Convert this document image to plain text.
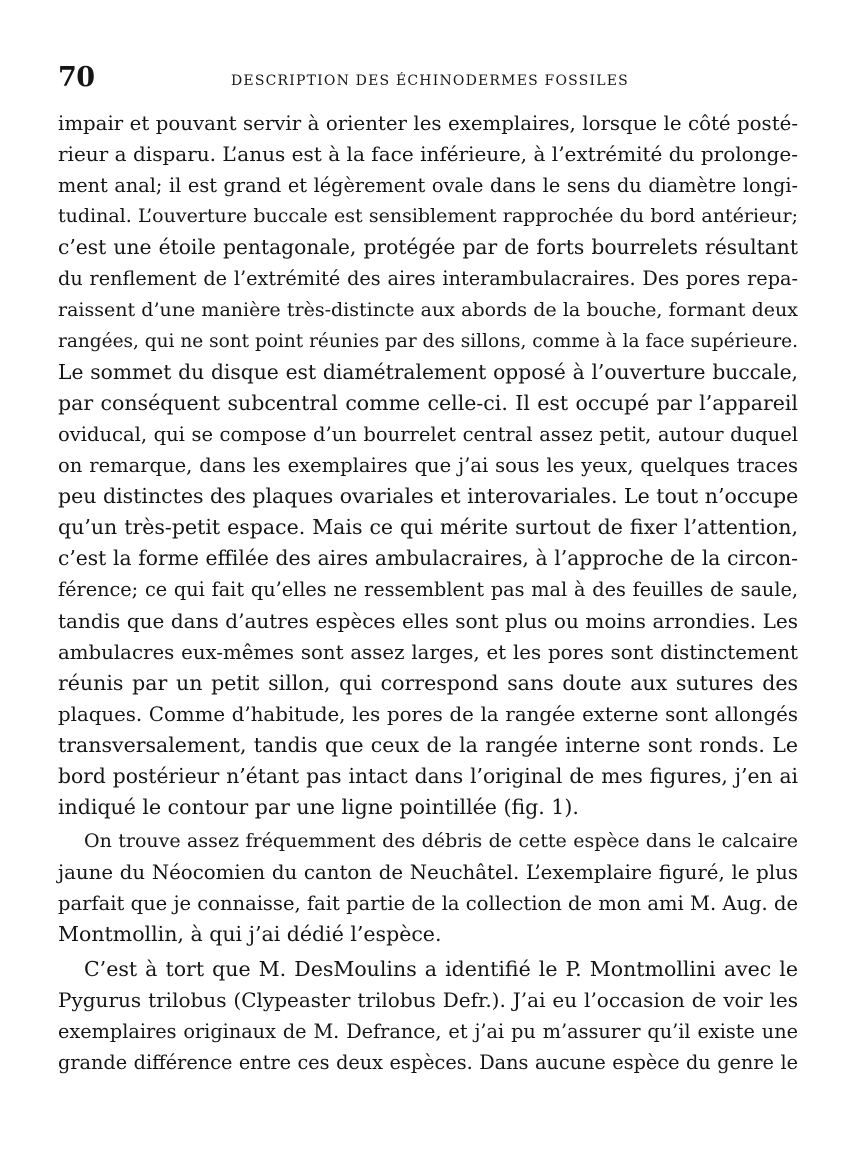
70	DESCRIPTION DES ÉCHINODERMES FOSSILES

impair et pouvant servir à orienter les exemplaires, lorsque le côté posté-
rieur a disparu. L’anus est à la face inférieure, à l’extrémité du prolonge-
ment anal; il est grand et légèrement ovale dans le sens du diamètre longi-
tudinal. L’ouverture buccale est sensiblement rapprochée du bord antérieur;
c’est une étoile pentagonale, protégée par de forts bourrelets résultant
du renflement de l’extrémité des aires interambulacraires. Des pores repa-
raissent d’une manière très-distincte aux abords de la bouche, formant deux
rangées, qui ne sont point réunies par des sillons, comme à la face supérieure.
Le sommet du disque est diamétralement opposé à l’ouverture buccale,
par conséquent subcentral comme celle-ci. Il est occupé par l’appareil
oviducal, qui se compose d’un bourrelet central assez petit, autour duquel
on remarque, dans les exemplaires que j’ai sous les yeux, quelques traces
peu distinctes des plaques ovariales et interovariales. Le tout n’occupe
qu’un très-petit espace. Mais ce qui mérite surtout de fixer l’attention,
c’est la forme effilée des aires ambulacraires, à l’approche de la circon-
férence; ce qui fait qu’elles ne ressemblent pas mal à des feuilles de saule,
tandis que dans d’autres espèces elles sont plus ou moins arrondies. Les
ambulacres eux-mêmes sont assez larges, et les pores sont distinctement
réunis par un petit sillon, qui correspond sans doute aux sutures des
plaques. Comme d’habitude, les pores de la rangée externe sont allongés
transversalement, tandis que ceux de la rangée interne sont ronds. Le
bord postérieur n’étant pas intact dans l’original de mes figures, j’en ai
indiqué le contour par une ligne pointillée (fig. 1).

On trouve assez fréquemment des débris de cette espèce dans le calcaire
jaune du Néocomien du canton de Neuchâtel. L’exemplaire figuré, le plus
parfait que je connaisse, fait partie de la collection de mon ami M. Aug. de
Montmollin, à qui j’ai dédié l’espèce.

C’est à tort que M. DesMoulins a identifié le P. Montmollini avec le
Pygurus trilobus (Clypeaster trilobus Defr.). J’ai eu l’occasion de voir les
exemplaires originaux de M. Defrance, et j’ai pu m’assurer qu’il existe une
grande différence entre ces deux espèces. Dans aucune espèce du genre le
